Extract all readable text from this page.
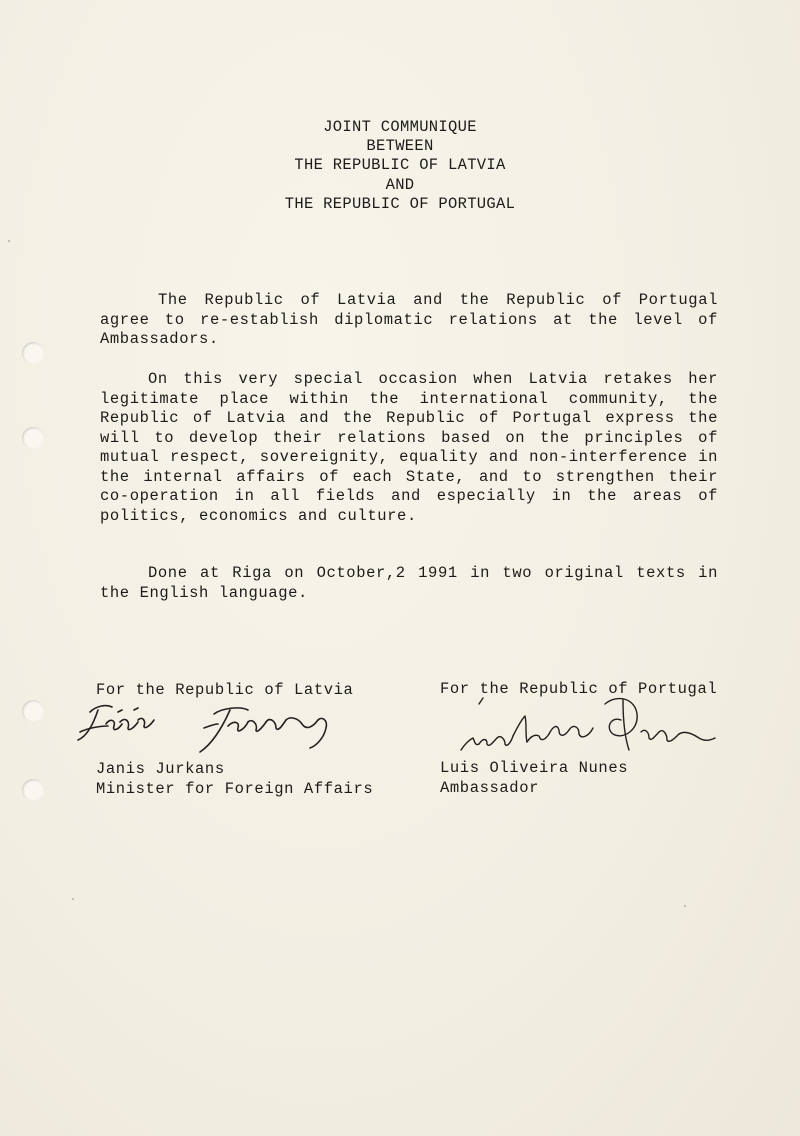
JOINT COMMUNIQUE
BETWEEN
THE REPUBLIC OF LATVIA
AND
THE REPUBLIC OF PORTUGAL

The Republic of Latvia and the Republic of Portugal agree to re-establish diplomatic relations at the level of Ambassadors.

On this very special occasion when Latvia retakes her legitimate place within the international community, the Republic of Latvia and the Republic of Portugal express the will to develop their relations based on the principles of mutual respect, sovereignity, equality and non-interference in the internal affairs of each State, and to strengthen their co-operation in all fields and especially in the areas of politics, economics and culture.

Done at Riga on October,2 1991 in two original texts in the English language.

For the Republic of Latvia	For the Republic of Portugal
Janis Jurkans
Minister for Foreign Affairs
Luis Oliveira Nunes
Ambassador
